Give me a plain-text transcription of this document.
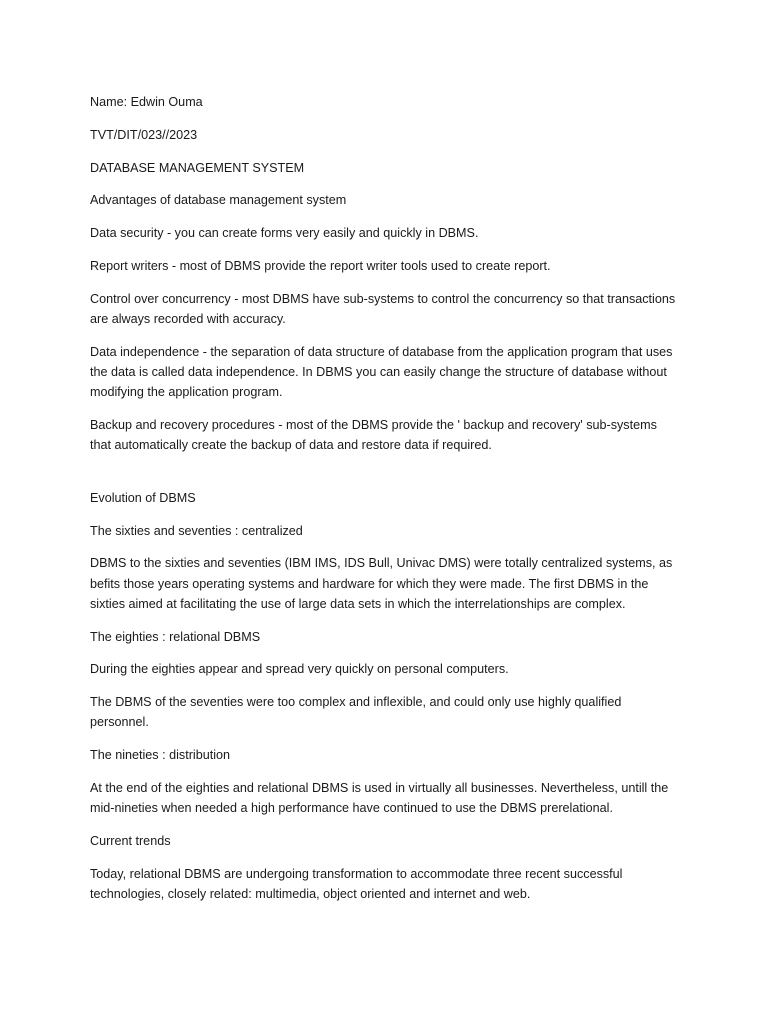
Name: Edwin Ouma

TVT/DIT/023//2023

DATABASE MANAGEMENT SYSTEM

Advantages of database management system

Data security - you can create forms very easily and quickly in DBMS.

Report writers - most of DBMS provide the report writer tools used to create report.

Control over concurrency - most DBMS have sub-systems to control the concurrency so that transactions are always recorded with accuracy.

Data independence - the separation of data structure of database from the application program that uses the data is called data independence. In DBMS you can easily change the structure of database without modifying the application program.

Backup and recovery procedures - most of the DBMS provide the ' backup and recovery' sub-systems that automatically create the backup of data and restore data if required.

Evolution of DBMS

The sixties and seventies : centralized

DBMS to the sixties and seventies (IBM IMS, IDS Bull, Univac DMS) were totally centralized systems, as befits those years operating systems and hardware for which they were made. The first DBMS in the sixties aimed at facilitating the use of large data sets in which the interrelationships are complex.

The eighties : relational DBMS

During the eighties appear and spread very quickly on personal computers.

The DBMS of the seventies were too complex and inflexible, and could only use highly qualified personnel.

The nineties : distribution

At the end of the eighties and relational DBMS is used in virtually all businesses. Nevertheless, untill the mid-nineties when needed a high performance have continued to use the DBMS prerelational.

Current trends

Today, relational DBMS are undergoing transformation to accommodate three recent successful technologies, closely related: multimedia, object oriented and internet and web.
